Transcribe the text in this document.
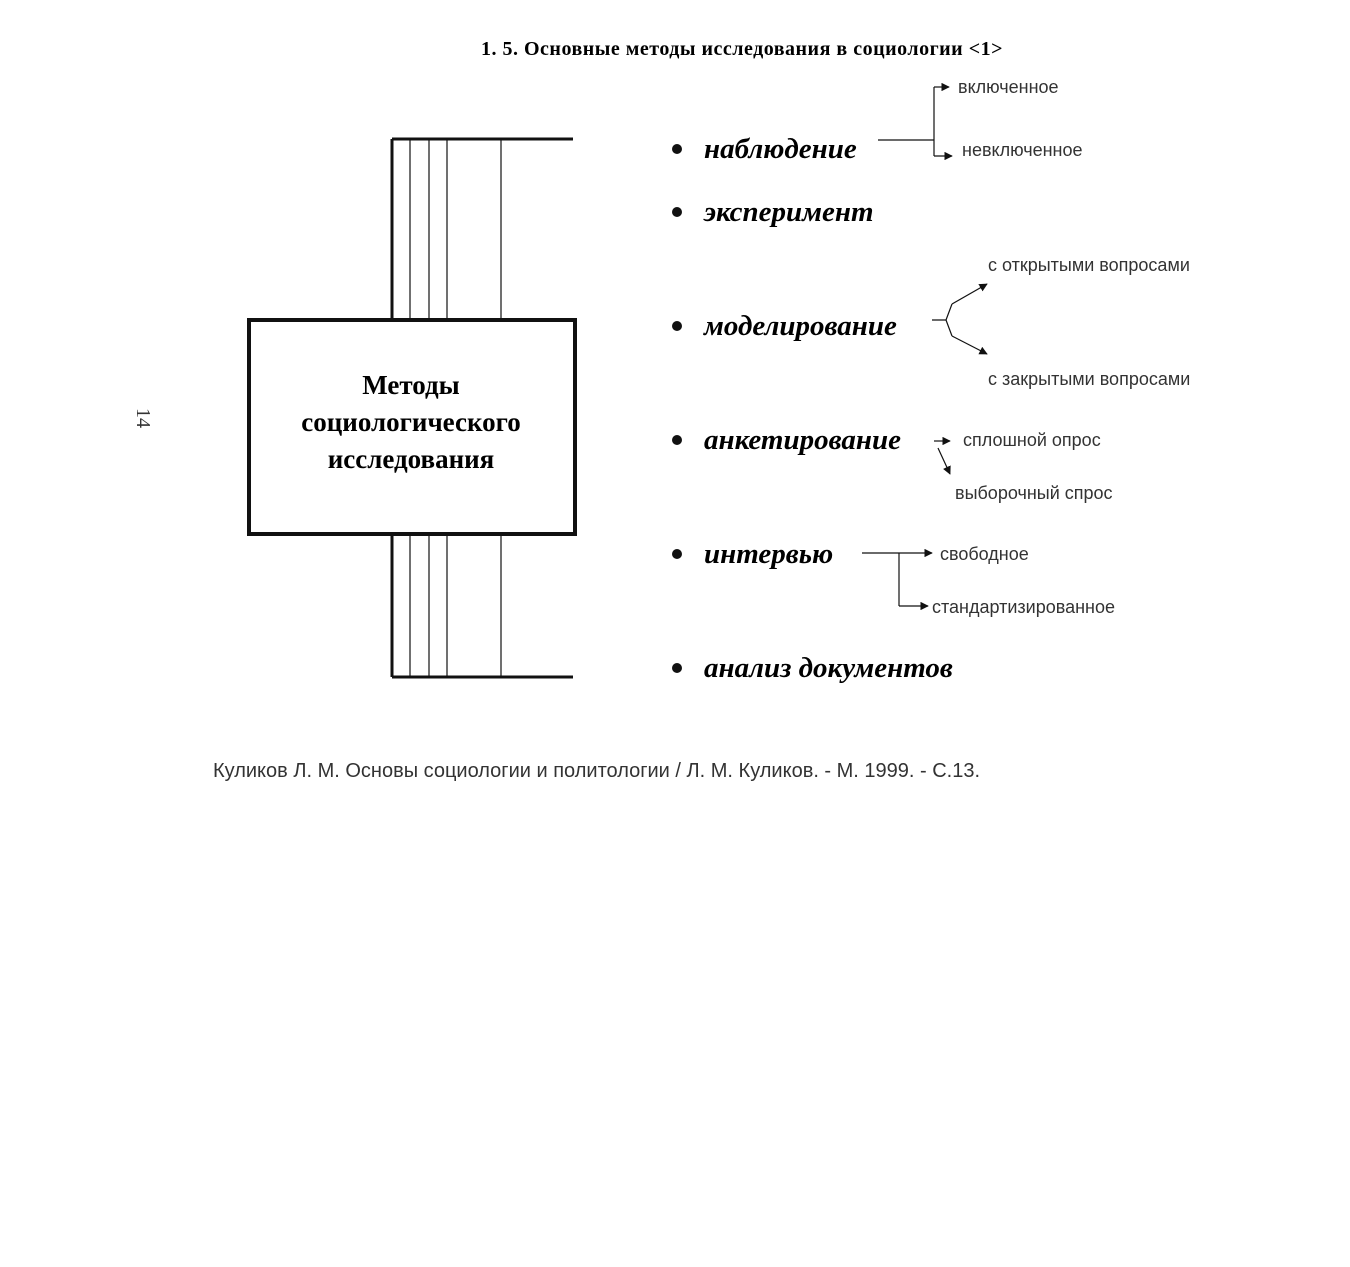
1. 5. Основные методы исследования в социологии <1>
14
Методы
социологического
исследования
наблюдение
эксперимент
моделирование
анкетирование
интервью
анализ документов
включенное
невключенное
с открытыми вопросами
с закрытыми вопросами
сплошной опрос
выборочный спрос
свободное
стандартизированное
Куликов Л. М. Основы социологии и политологии / Л. М. Куликов. - М. 1999. - С.13.
